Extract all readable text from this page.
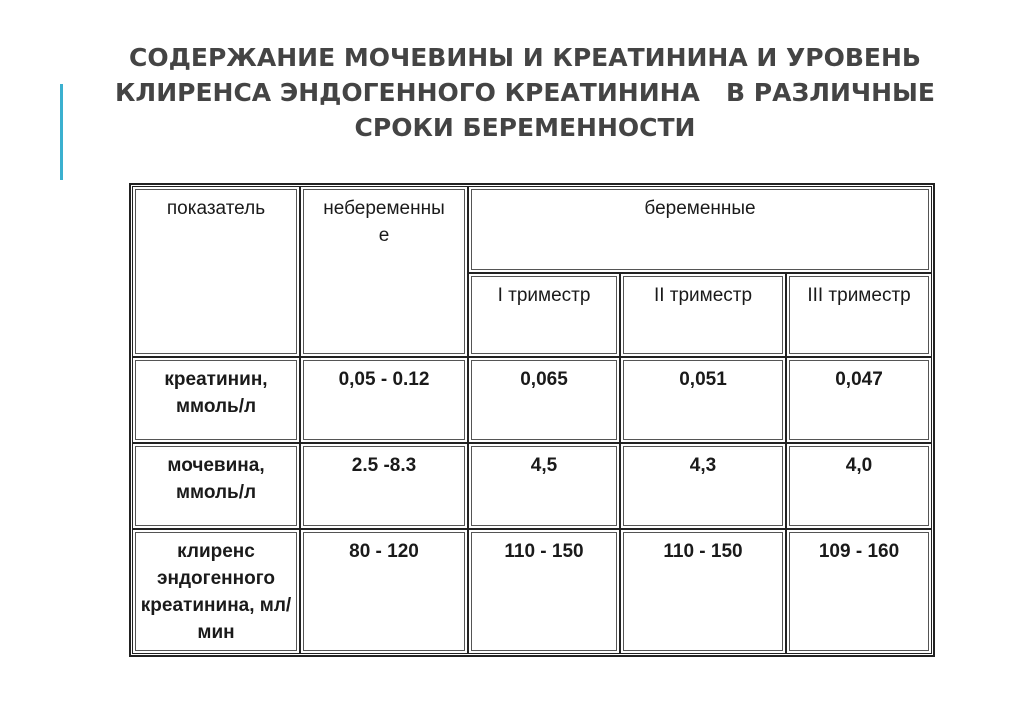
СОДЕРЖАНИЕ МОЧЕВИНЫ И КРЕАТИНИНА И УРОВЕНЬ
КЛИРЕНСА ЭНДОГЕННОГО КРЕАТИНИНА   В РАЗЛИЧНЫЕ
СРОКИ БЕРЕМЕННОСТИ
показатель	небеременные	беременные		
		I триместр	II триместр	III триместр
креатинин, ммоль/л	0,05 - 0.12	0,065	0,051	0,047
мочевина, ммоль/л	2.5 -8.3	4,5	4,3	4,0
клиренс эндогенного креатинина, мл/мин	80 - 120	110 - 150	110 - 150	109 - 160
